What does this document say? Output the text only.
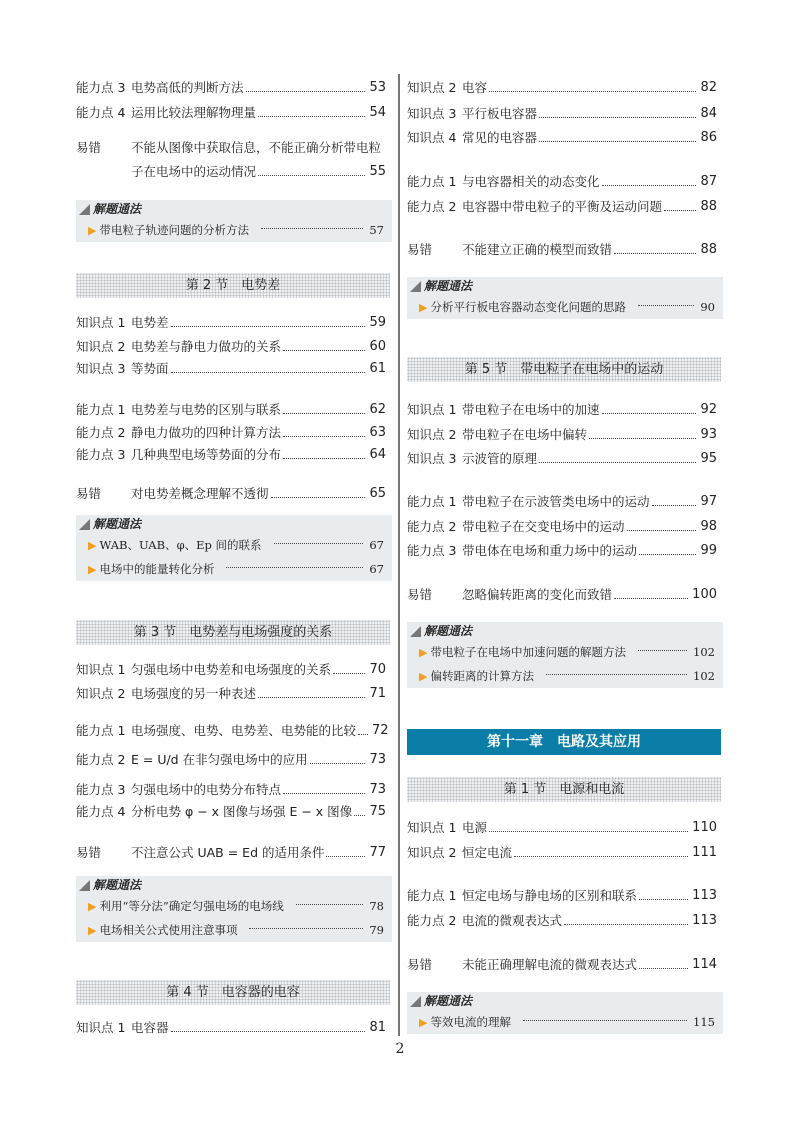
能力点 3 电势高低的判断方法	53
能力点 4 运用比较法理解物理量	54
易错	不能从图像中获取信息，不能正确分析带电粒
子在电场中的运动情况	55
解题通法
▶ 带电粒子轨迹问题的分析方法	57
第 2 节　电势差
知识点 1 电势差	59
知识点 2 电势差与静电力做功的关系	60
知识点 3 等势面	61
能力点 1 电势差与电势的区别与联系	62
能力点 2 静电力做功的四种计算方法	63
能力点 3 几种典型电场等势面的分布	64
易错	对电势差概念理解不透彻	65
解题通法
▶ WAB、UAB、φ、Ep 间的联系	67
▶ 电场中的能量转化分析	67
第 3 节　电势差与电场强度的关系
知识点 1 匀强电场中电势差和电场强度的关系	70
知识点 2 电场强度的另一种表述	71
能力点 1 电场强度、电势、电势差、电势能的比较 72
能力点 2 E = U/d 在非匀强电场中的应用	73
能力点 3 匀强电场中的电势分布特点	73
能力点 4 分析电势 φ − x 图像与场强 E − x 图像 75
易错	不注意公式 UAB = Ed 的适用条件	77
解题通法
▶ 利用“等分法”确定匀强电场的电场线	78
▶ 电场相关公式使用注意事项	79
第 4 节　电容器的电容
知识点 1 电容器	81
知识点 2 电容	82
知识点 3 平行板电容器	84
知识点 4 常见的电容器	86
能力点 1 与电容器相关的动态变化	87
能力点 2 电容器中带电粒子的平衡及运动问题	88
易错	不能建立正确的模型而致错	88
解题通法
▶ 分析平行板电容器动态变化问题的思路	90
第 5 节　带电粒子在电场中的运动
知识点 1 带电粒子在电场中的加速	92
知识点 2 带电粒子在电场中偏转	93
知识点 3 示波管的原理	95
能力点 1 带电粒子在示波管类电场中的运动	97
能力点 2 带电粒子在交变电场中的运动	98
能力点 3 带电体在电场和重力场中的运动	99
易错	忽略偏转距离的变化而致错	100
解题通法
▶ 带电粒子在电场中加速问题的解题方法	102
▶ 偏转距离的计算方法	102
第十一章　电路及其应用
第 1 节　电源和电流
知识点 1 电源	110
知识点 2 恒定电流	111
能力点 1 恒定电场与静电场的区别和联系	113
能力点 2 电流的微观表达式	113
易错	未能正确理解电流的微观表达式	114
解题通法
▶ 等效电流的理解	115
2
